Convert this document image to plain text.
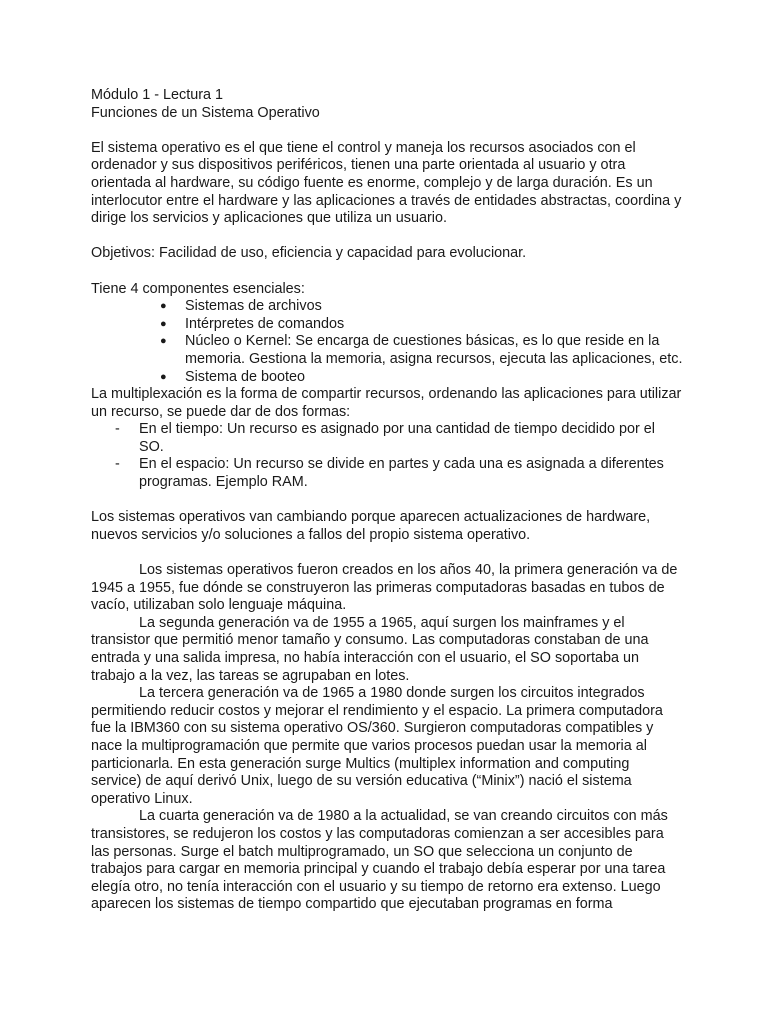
Módulo 1 - Lectura 1

Funciones de un Sistema Operativo

El sistema operativo es el que tiene el control y maneja los recursos asociados con el ordenador y sus dispositivos periféricos, tienen una parte orientada al usuario y otra orientada al hardware, su código fuente es enorme, complejo y de larga duración. Es un interlocutor entre el hardware y las aplicaciones a través de entidades abstractas, coordina y dirige los servicios y aplicaciones que utiliza un usuario.

Objetivos: Facilidad de uso, eficiencia y capacidad para evolucionar.

Tiene 4 componentes esenciales:

● Sistemas de archivos
● Intérpretes de comandos
● Núcleo o Kernel: Se encarga de cuestiones básicas, es lo que reside en la memoria. Gestiona la memoria, asigna recursos, ejecuta las aplicaciones, etc.
● Sistema de booteo

La multiplexación es la forma de compartir recursos, ordenando las aplicaciones para utilizar un recurso, se puede dar de dos formas:

- En el tiempo: Un recurso es asignado por una cantidad de tiempo decidido por el SO.
- En el espacio: Un recurso se divide en partes y cada una es asignada a diferentes programas. Ejemplo RAM.

Los sistemas operativos van cambiando porque aparecen actualizaciones de hardware, nuevos servicios y/o soluciones a fallos del propio sistema operativo.

Los sistemas operativos fueron creados en los años 40, la primera generación va de 1945 a 1955, fue dónde se construyeron las primeras computadoras basadas en tubos de vacío, utilizaban solo lenguaje máquina.

La segunda generación va de 1955 a 1965, aquí surgen los mainframes y el transistor que permitió menor tamaño y consumo. Las computadoras constaban de una entrada y una salida impresa, no había interacción con el usuario, el SO soportaba un trabajo a la vez, las tareas se agrupaban en lotes.

La tercera generación va de 1965 a 1980 donde surgen los circuitos integrados permitiendo reducir costos y mejorar el rendimiento y el espacio. La primera computadora fue la IBM360 con su sistema operativo OS/360. Surgieron computadoras compatibles y nace la multiprogramación que permite que varios procesos puedan usar la memoria al particionarla. En esta generación surge Multics (multiplex information and computing service) de aquí derivó Unix, luego de su versión educativa (“Minix”) nació el sistema operativo Linux.

La cuarta generación va de 1980 a la actualidad, se van creando circuitos con más transistores, se redujeron los costos y las computadoras comienzan a ser accesibles para las personas. Surge el batch multiprogramado, un SO que selecciona un conjunto de trabajos para cargar en memoria principal y cuando el trabajo debía esperar por una tarea elegía otro, no tenía interacción con el usuario y su tiempo de retorno era extenso. Luego aparecen los sistemas de tiempo compartido que ejecutaban programas en forma
